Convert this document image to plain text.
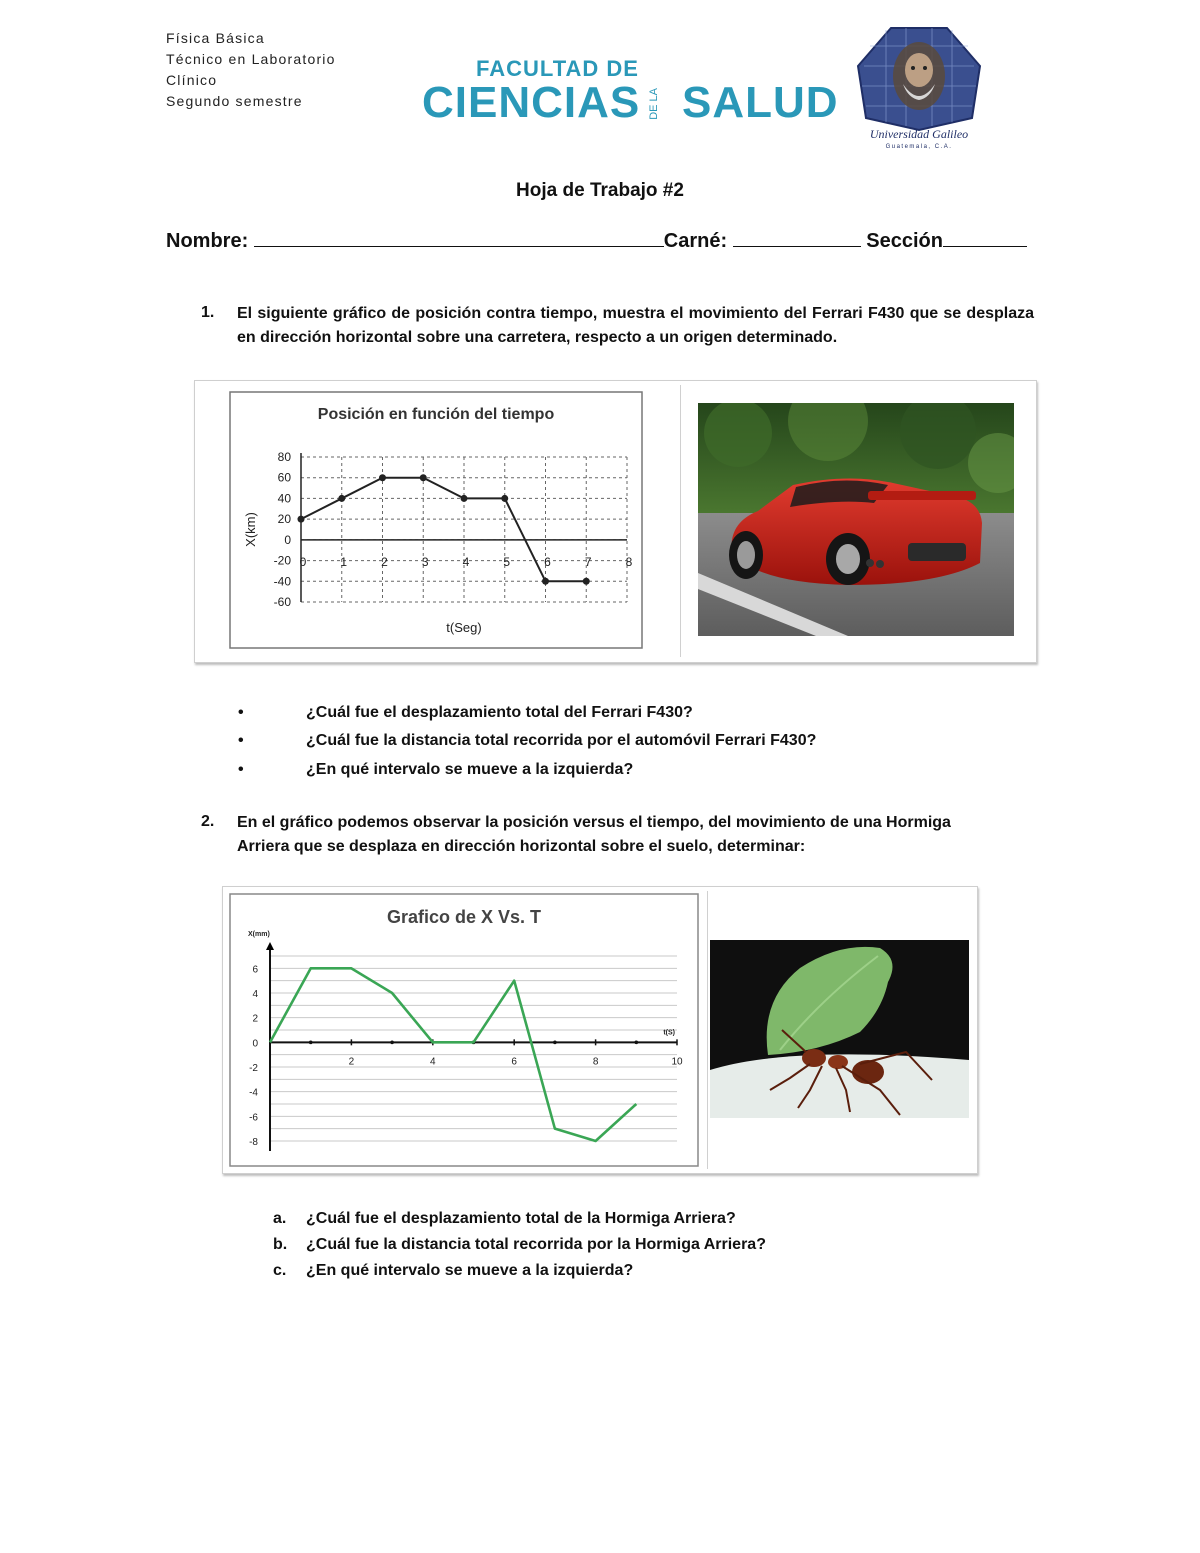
Física Básica
Técnico en Laboratorio
Clínico
Segundo semestre
FACULTAD DE
CIENCIAS DE LA SALUD
Universidad Galileo
Guatemala, C.A.
Hoja de Trabajo #2
Nombre:	Carné:	Sección
1. El siguiente gráfico de posición contra tiempo, muestra el movimiento del Ferrari F430 que se desplaza en dirección horizontal sobre una carretera, respecto a un origen determinado.
Posición en función del tiempo
80
60
40
20
0
-20
-40
-60
0	1	2	3	4	5	6	7	8
X(km)
t(Seg)
•	¿Cuál fue el desplazamiento total del Ferrari F430?
•	¿Cuál fue la distancia total recorrida por el automóvil Ferrari F430?
•	¿En qué intervalo se mueve a la izquierda?
2. En el gráfico podemos observar la posición versus el tiempo, del movimiento de una Hormiga Arriera que se desplaza en dirección horizontal sobre el suelo, determinar:
Grafico de X Vs. T
6
4
2
0
-2
-4
-6
-8
2	4	6	8	10
X(mm)
t(S)
a. ¿Cuál fue el desplazamiento total de la Hormiga Arriera?
b. ¿Cuál fue la distancia total recorrida por la Hormiga Arriera?
c. ¿En qué intervalo se mueve a la izquierda?
